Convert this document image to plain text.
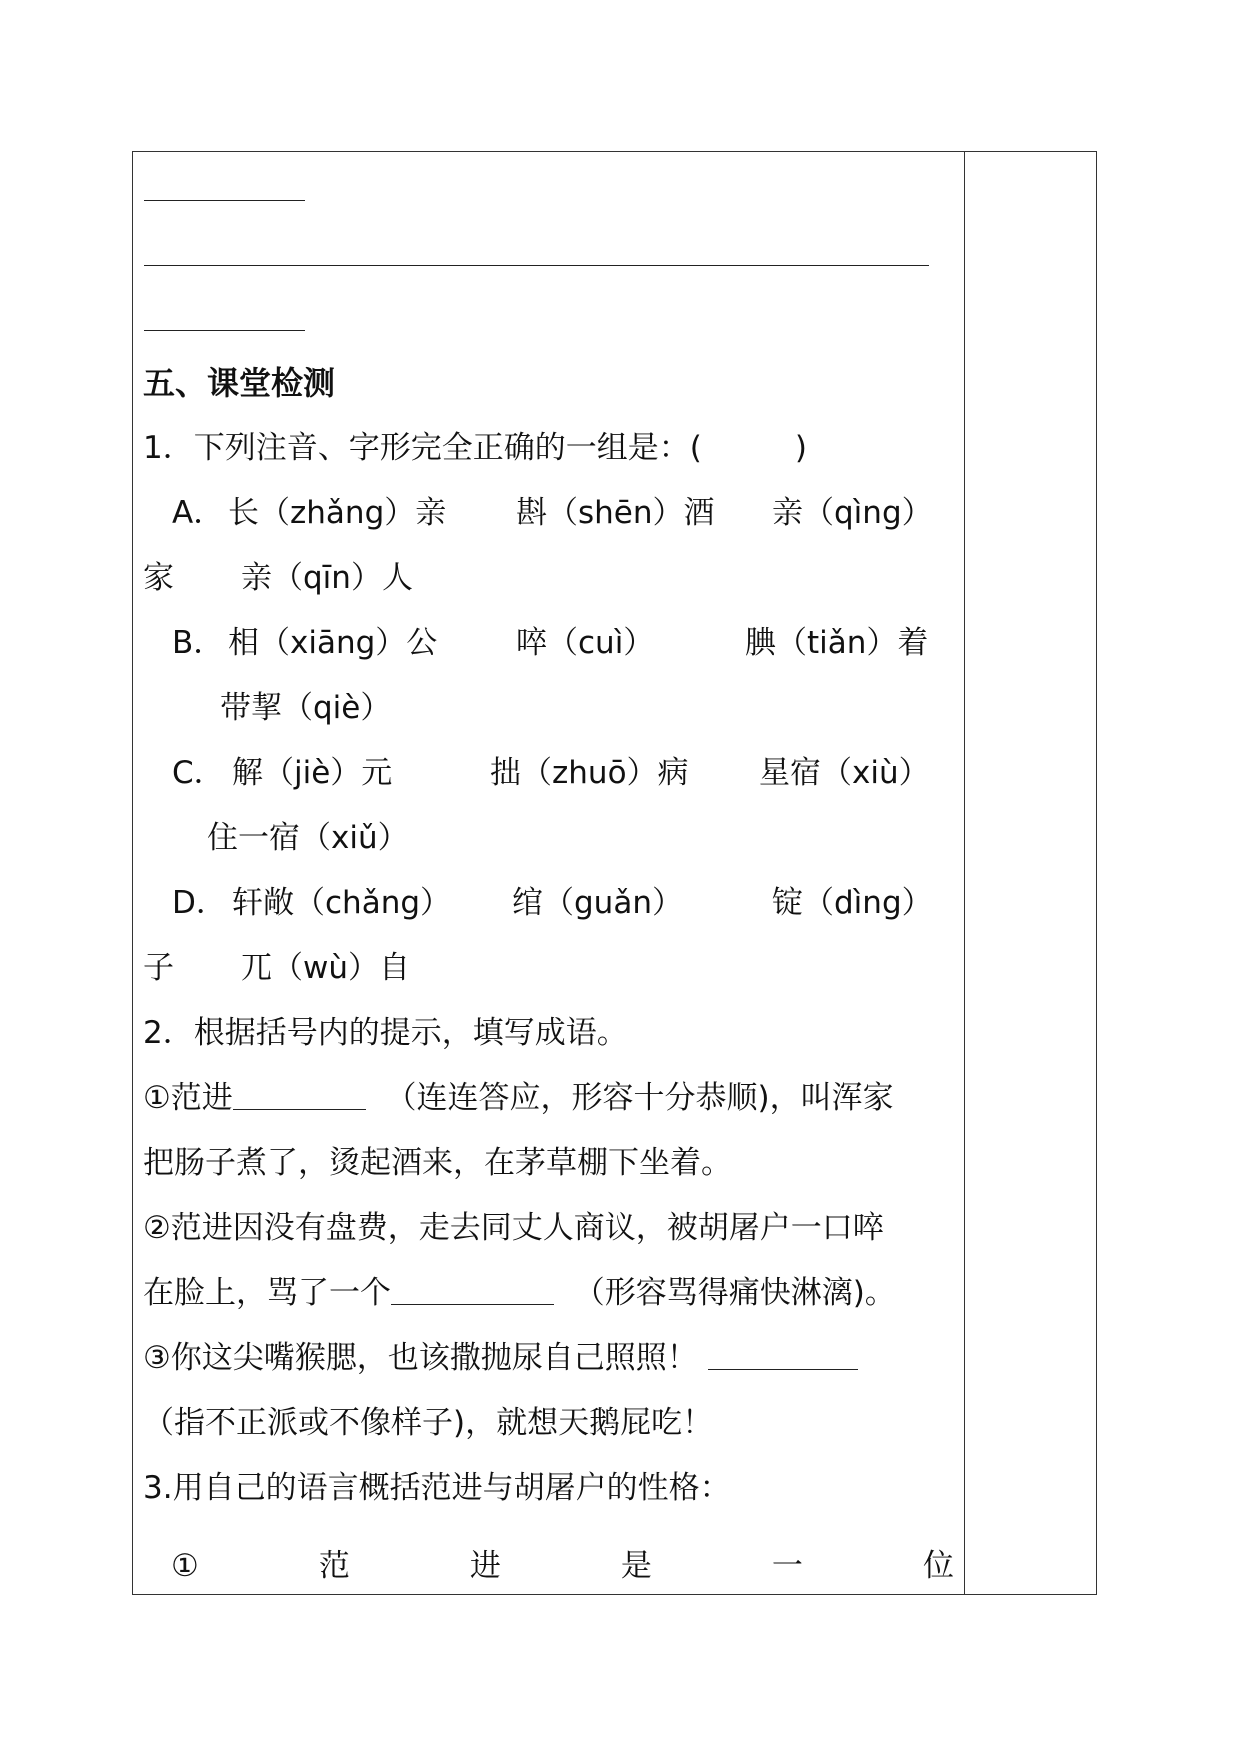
五、课堂检测
1．下列注音、字形完全正确的一组是：(　　　)
A． 长（zhǎng）亲 斟（shēn）酒 亲（qìng）
家 亲（qīn）人
B． 相（xiāng）公	啐（cuì）	腆（tiǎn）着
带挈（qiè）
C． 解（jiè）元	拙（zhuō）病 星宿（xiù）
住一宿（xiǔ）
D． 轩敞（chǎng） 绾（guǎn）	锭（dìng）
子 兀（wù）自
2．根据括号内的提示，填写成语。
①范进	（连连答应，形容十分恭顺)，叫浑家
把肠子煮了，烫起酒来，在茅草棚下坐着。
②范进因没有盘费，走去同丈人商议，被胡屠户一口啐
在脸上，骂了一个	（形容骂得痛快淋漓)。
③你这尖嘴猴腮，也该撒抛尿自己照照！
（指不正派或不像样子)，就想天鹅屁吃！
3.用自己的语言概括范进与胡屠户的性格：
①	范	进	是	一	位
